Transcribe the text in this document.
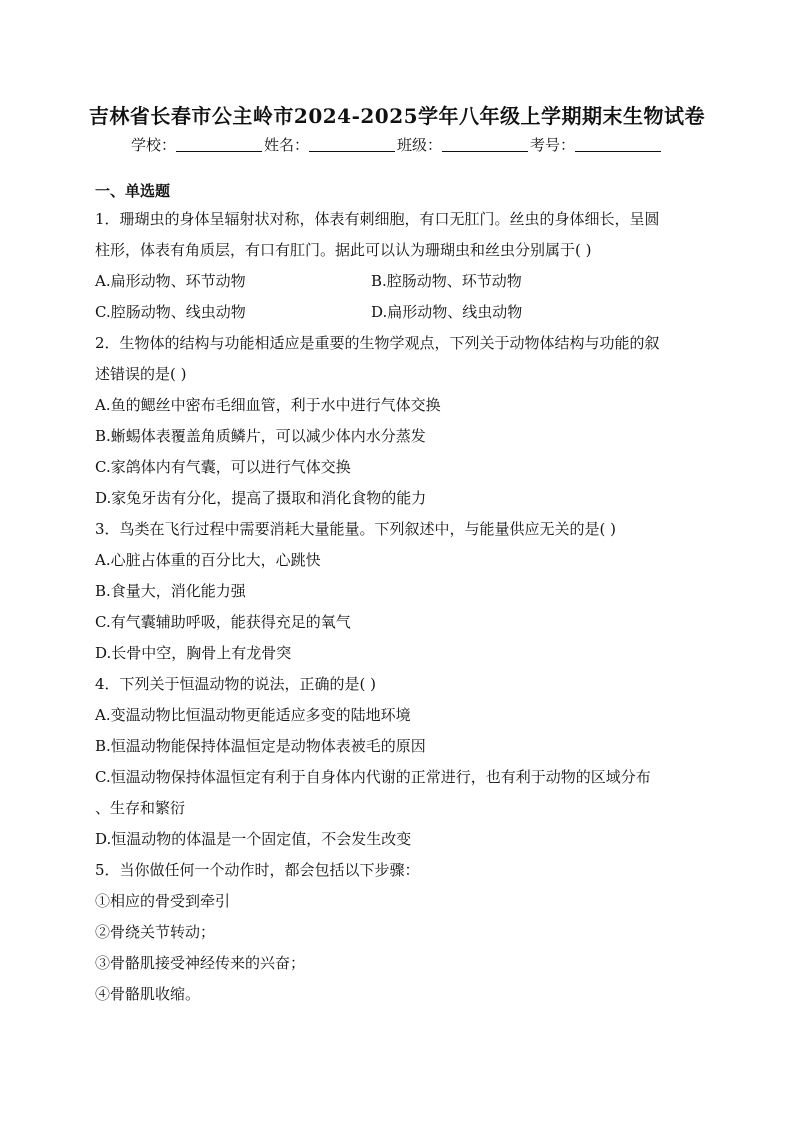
吉林省长春市公主岭市2024-2025学年八年级上学期期末生物试卷
学校：	姓名：	班级：	考号：
一、单选题
1．珊瑚虫的身体呈辐射状对称，体表有刺细胞，有口无肛门。丝虫的身体细长，呈圆
柱形，体表有角质层，有口有肛门。据此可以认为珊瑚虫和丝虫分别属于( )
A.扁形动物、环节动物	B.腔肠动物、环节动物
C.腔肠动物、线虫动物	D.扁形动物、线虫动物
2．生物体的结构与功能相适应是重要的生物学观点，下列关于动物体结构与功能的叙
述错误的是( )
A.鱼的鳃丝中密布毛细血管，利于水中进行气体交换
B.蜥蜴体表覆盖角质鳞片，可以减少体内水分蒸发
C.家鸽体内有气囊，可以进行气体交换
D.家兔牙齿有分化，提高了摄取和消化食物的能力
3．鸟类在飞行过程中需要消耗大量能量。下列叙述中，与能量供应无关的是( )
A.心脏占体重的百分比大，心跳快
B.食量大，消化能力强
C.有气囊辅助呼吸，能获得充足的氧气
D.长骨中空，胸骨上有龙骨突
4．下列关于恒温动物的说法，正确的是( )
A.变温动物比恒温动物更能适应多变的陆地环境
B.恒温动物能保持体温恒定是动物体表被毛的原因
C.恒温动物保持体温恒定有利于自身体内代谢的正常进行，也有利于动物的区域分布
、生存和繁衍
D.恒温动物的体温是一个固定值，不会发生改变
5．当你做任何一个动作时，都会包括以下步骤：
①相应的骨受到牵引
②骨绕关节转动；
③骨骼肌接受神经传来的兴奋；
④骨骼肌收缩。
